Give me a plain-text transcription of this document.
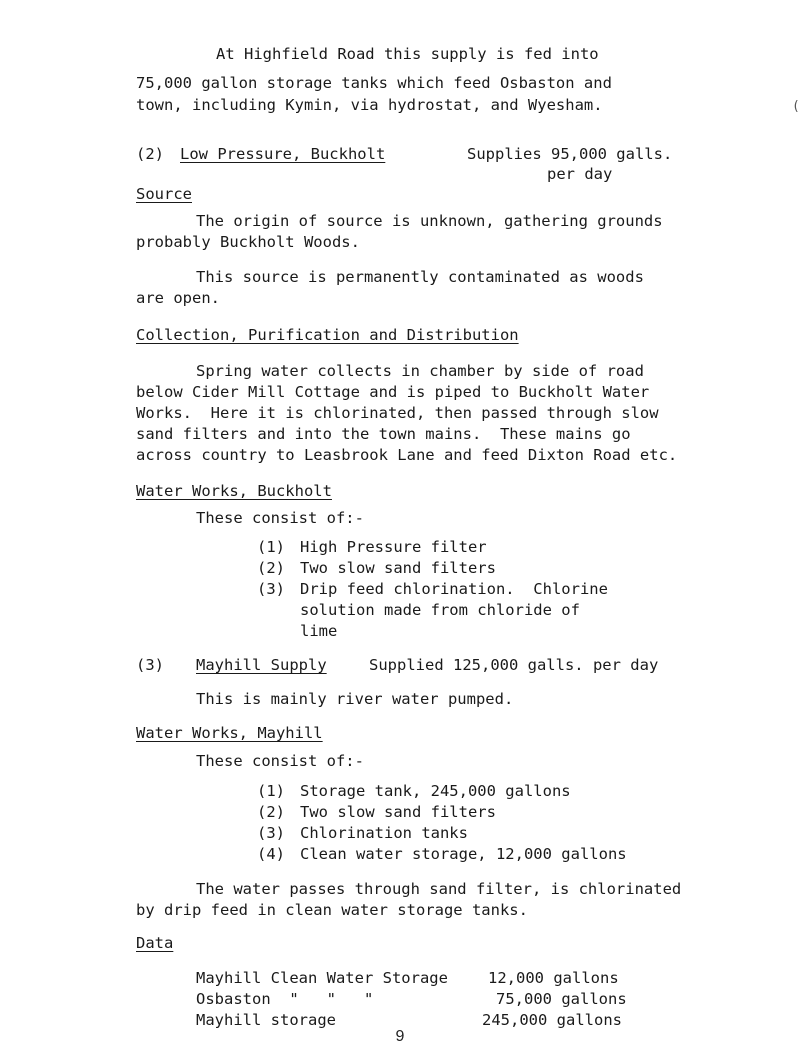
At Highfield Road this supply is fed into
75,000 gallon storage tanks which feed Osbaston and
town, including Kymin, via hydrostat, and Wyesham.	(
(2) Low Pressure, Buckholt	Supplies 95,000 galls.
per day
Source
The origin of source is unknown, gathering grounds
probably Buckholt Woods.
This source is permanently contaminated as woods
are open.
Collection, Purification and Distribution
Spring water collects in chamber by side of road
below Cider Mill Cottage and is piped to Buckholt Water
Works.  Here it is chlorinated, then passed through slow
sand filters and into the town mains.  These mains go
across country to Leasbrook Lane and feed Dixton Road etc.
Water Works, Buckholt
These consist of:-
(1) High Pressure filter
(2) Two slow sand filters
(3) Drip feed chlorination.  Chlorine
solution made from chloride of
lime
(3) Mayhill Supply	Supplied 125,000 galls. per day
This is mainly river water pumped.
Water Works, Mayhill
These consist of:-
(1) Storage tank, 245,000 gallons
(2) Two slow sand filters
(3) Chlorination tanks
(4) Clean water storage, 12,000 gallons
The water passes through sand filter, is chlorinated
by drip feed in clean water storage tanks.
Data
Mayhill Clean Water Storage	12,000 gallons
Osbaston  "   "   "	75,000 gallons
Mayhill storage	245,000 gallons
9
